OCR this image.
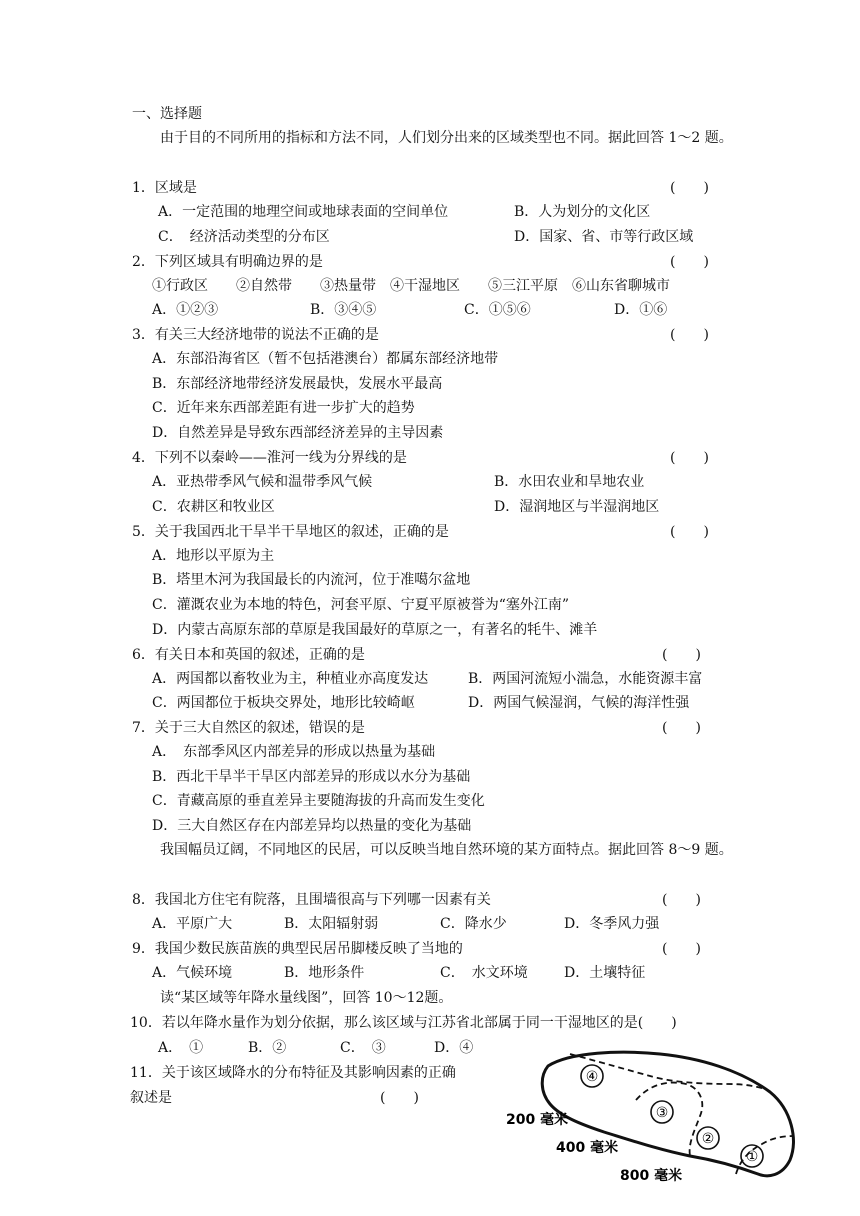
一、选择题
由于目的不同所用的指标和方法不同，人们划分出来的区域类型也不同。据此回答 1～2 题。
1．区域是	(　　)
A．一定范围的地理空间或地球表面的空间单位	B．人为划分的文化区
C．　经济活动类型的分布区	D．国家、省、市等行政区域
2．下列区域具有明确边界的是	(　　)
①行政区　　②自然带　　③热量带　④干湿地区　　⑤三江平原　⑥山东省聊城市
A．①②③	B．③④⑤	C．①⑤⑥	D．①⑥
3．有关三大经济地带的说法不正确的是	(　　)
A．东部沿海省区（暂不包括港澳台）都属东部经济地带
B．东部经济地带经济发展最快，发展水平最高
C．近年来东西部差距有进一步扩大的趋势
D．自然差异是导致东西部经济差异的主导因素
4．下列不以秦岭——淮河一线为分界线的是	(　　)
A．亚热带季风气候和温带季风气候	B．水田农业和旱地农业
C．农耕区和牧业区	D．湿润地区与半湿润地区
5．关于我国西北干旱半干旱地区的叙述，正确的是	(　　)
A．地形以平原为主
B．塔里木河为我国最长的内流河，位于准噶尔盆地
C．灌溉农业为本地的特色，河套平原、宁夏平原被誉为“塞外江南”
D．内蒙古高原东部的草原是我国最好的草原之一，有著名的牦牛、滩羊
6．有关日本和英国的叙述，正确的是	(　　)
A．两国都以畜牧业为主，种植业亦高度发达	B．两国河流短小湍急，水能资源丰富
C．两国都位于板块交界处，地形比较崎岖	D．两国气候湿润，气候的海洋性强
7．关于三大自然区的叙述，错误的是	(　　)
A．　东部季风区内部差异的形成以热量为基础
B．西北干旱半干旱区内部差异的形成以水分为基础
C．青藏高原的垂直差异主要随海拔的升高而发生变化
D．三大自然区存在内部差异均以热量的变化为基础
我国幅员辽阔，不同地区的民居，可以反映当地自然环境的某方面特点。据此回答 8～9 题。
8．我国北方住宅有院落，且围墙很高与下列哪一因素有关	(　　)
A．平原广大	B．太阳辐射弱	C．降水少	D．冬季风力强
9．我国少数民族苗族的典型民居吊脚楼反映了当地的	(　　)
A．气候环境	B．地形条件	C．　水文环境	D．土壤特征
读“某区域等年降水量线图”，回答 10～12题。
10．若以年降水量作为划分依据，那么该区域与江苏省北部属于同一干湿地区的是(　　)
A．　①	B．②	C．　③	D．④
11．关于该区域降水的分布特征及其影响因素的正确
叙述是	(　　)
④
③
②
①
200 毫米
400 毫米
800 毫米
